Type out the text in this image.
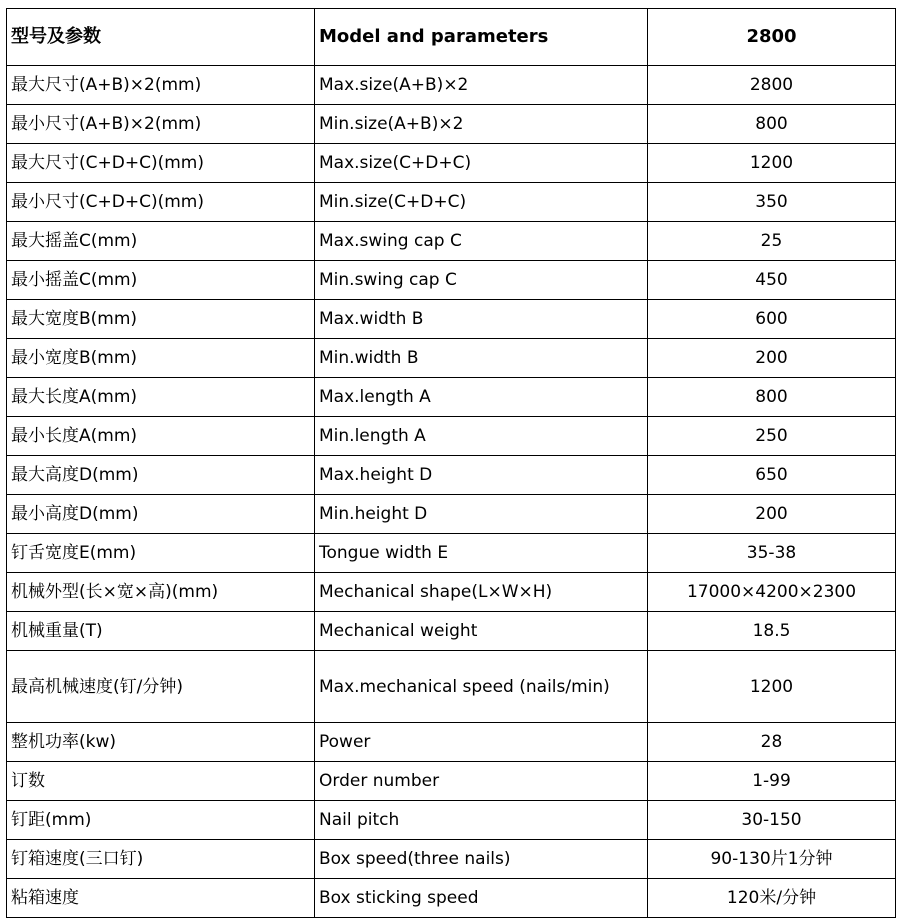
型号及参数	Model and parameters	2800
最大尺寸(A+B)×2(mm)	Max.size(A+B)×2	2800
最小尺寸(A+B)×2(mm)	Min.size(A+B)×2	800
最大尺寸(C+D+C)(mm)	Max.size(C+D+C)	1200
最小尺寸(C+D+C)(mm)	Min.size(C+D+C)	350
最大摇盖C(mm)	Max.swing cap C	25
最小摇盖C(mm)	Min.swing cap C	450
最大宽度B(mm)	Max.width B	600
最小宽度B(mm)	Min.width B	200
最大长度A(mm)	Max.length A	800
最小长度A(mm)	Min.length A	250
最大高度D(mm)	Max.height D	650
最小高度D(mm)	Min.height D	200
钉舌宽度E(mm)	Tongue width E	35-38
机械外型(长×宽×高)(mm)	Mechanical shape(L×W×H)	17000×4200×2300
机械重量(T)	Mechanical weight	18.5
最高机械速度(钉/分钟)	Max.mechanical speed (nails/min)	1200
整机功率(kw)	Power	28
订数	Order number	1-99
钉距(mm)	Nail pitch	30-150
钉箱速度(三口钉)	Box speed(three nails)	90-130片1分钟
粘箱速度	Box sticking speed	120米/分钟
